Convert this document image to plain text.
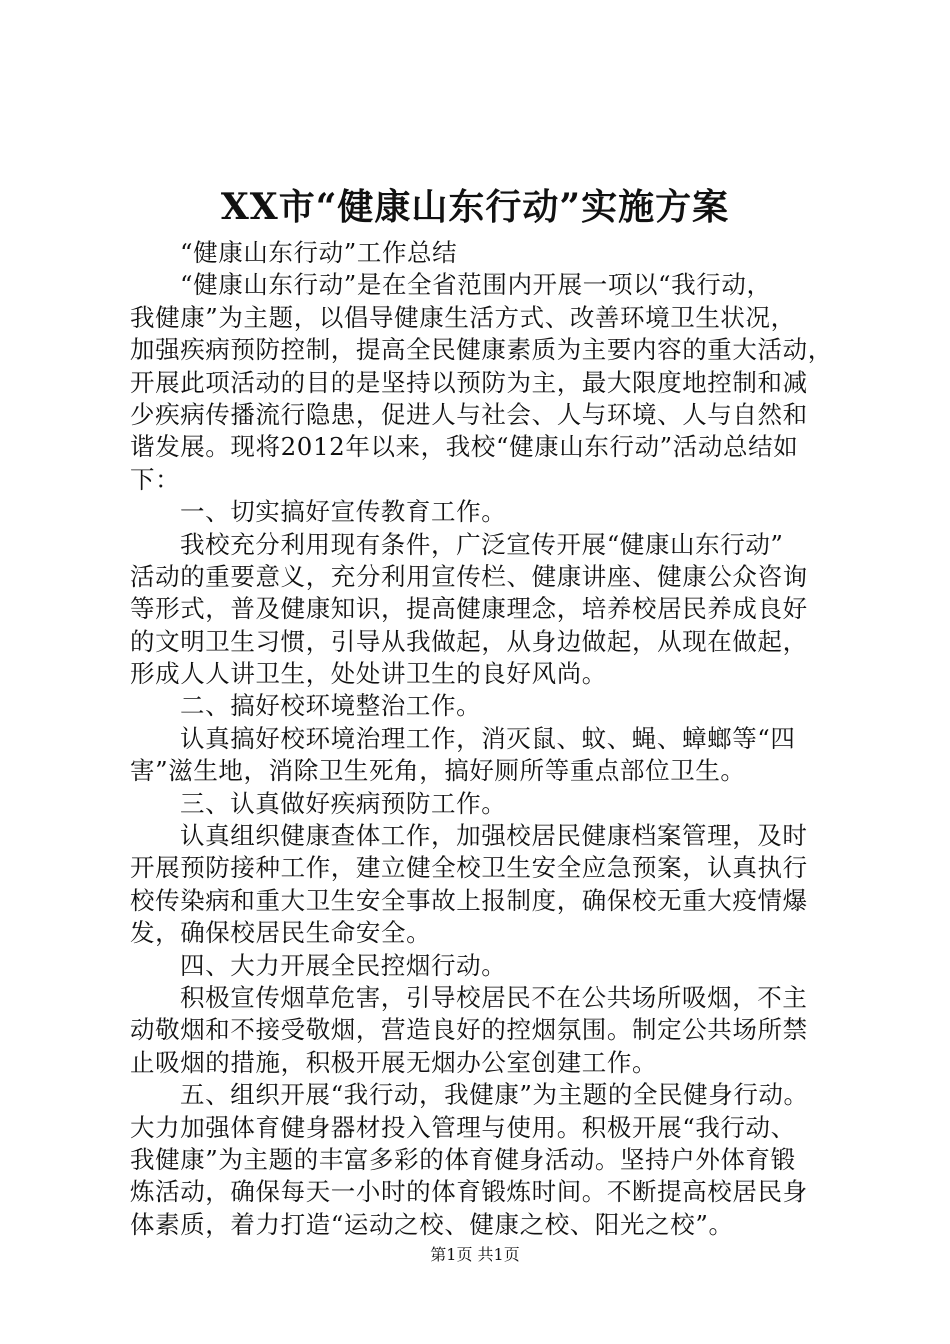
XX市“健康山东行动”实施方案
“健康山东行动”工作总结
“健康山东行动”是在全省范围内开展一项以“我行动，
我健康”为主题，以倡导健康生活方式、改善环境卫生状况，
加强疾病预防控制，提高全民健康素质为主要内容的重大活动，
开展此项活动的目的是坚持以预防为主，最大限度地控制和减
少疾病传播流行隐患，促进人与社会、人与环境、人与自然和
谐发展。现将2012年以来，我校“健康山东行动”活动总结如
下：
一、切实搞好宣传教育工作。
我校充分利用现有条件，广泛宣传开展“健康山东行动”
活动的重要意义，充分利用宣传栏、健康讲座、健康公众咨询
等形式，普及健康知识，提高健康理念，培养校居民养成良好
的文明卫生习惯，引导从我做起，从身边做起，从现在做起，
形成人人讲卫生，处处讲卫生的良好风尚。
二、搞好校环境整治工作。
认真搞好校环境治理工作，消灭鼠、蚊、蝇、蟑螂等“四
害”滋生地，消除卫生死角，搞好厕所等重点部位卫生。
三、认真做好疾病预防工作。
认真组织健康查体工作，加强校居民健康档案管理，及时
开展预防接种工作，建立健全校卫生安全应急预案，认真执行
校传染病和重大卫生安全事故上报制度，确保校无重大疫情爆
发，确保校居民生命安全。
四、大力开展全民控烟行动。
积极宣传烟草危害，引导校居民不在公共场所吸烟，不主
动敬烟和不接受敬烟，营造良好的控烟氛围。制定公共场所禁
止吸烟的措施，积极开展无烟办公室创建工作。
五、组织开展“我行动，我健康”为主题的全民健身行动。
大力加强体育健身器材投入管理与使用。积极开展“我行动、
我健康”为主题的丰富多彩的体育健身活动。坚持户外体育锻
炼活动，确保每天一小时的体育锻炼时间。不断提高校居民身
体素质，着力打造“运动之校、健康之校、阳光之校”。
第1页 共1页
